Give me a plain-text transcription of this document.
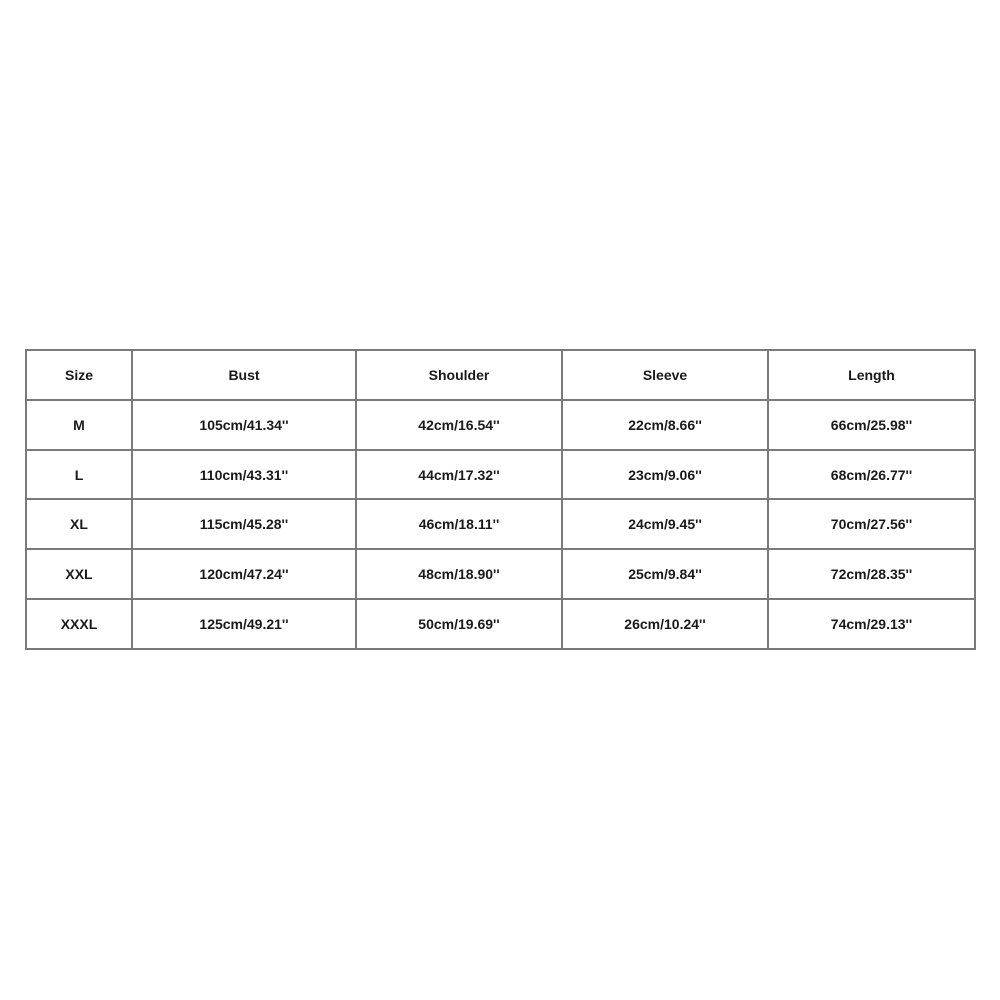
Size	Bust	Shoulder	Sleeve	Length
M	105cm/41.34''	42cm/16.54''	22cm/8.66''	66cm/25.98''
L	110cm/43.31''	44cm/17.32''	23cm/9.06''	68cm/26.77''
XL	115cm/45.28''	46cm/18.11''	24cm/9.45''	70cm/27.56''
XXL	120cm/47.24''	48cm/18.90''	25cm/9.84''	72cm/28.35''
XXXL	125cm/49.21''	50cm/19.69''	26cm/10.24''	74cm/29.13''
